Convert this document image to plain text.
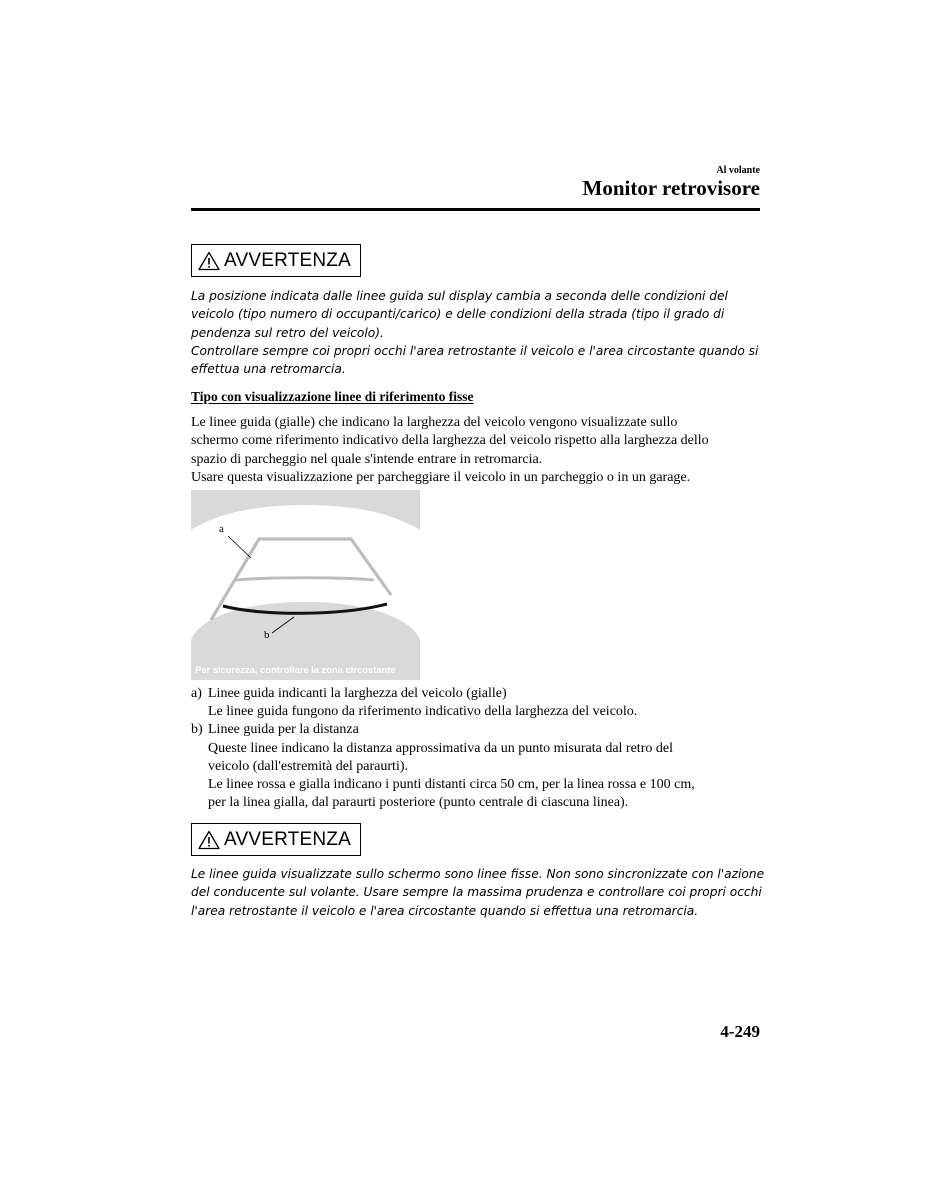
Al volante
Monitor retrovisore
AVVERTENZA
La posizione indicata dalle linee guida sul display cambia a seconda delle condizioni del
veicolo (tipo numero di occupanti/carico) e delle condizioni della strada (tipo il grado di
pendenza sul retro del veicolo).
Controllare sempre coi propri occhi l'area retrostante il veicolo e l'area circostante quando si
effettua una retromarcia.
Tipo con visualizzazione linee di riferimento fisse
Le linee guida (gialle) che indicano la larghezza del veicolo vengono visualizzate sullo
schermo come riferimento indicativo della larghezza del veicolo rispetto alla larghezza dello
spazio di parcheggio nel quale s'intende entrare in retromarcia.
Usare questa visualizzazione per parcheggiare il veicolo in un parcheggio o in un garage.
a
b
Per sicurezza, controllare la zona circostante
a) Linee guida indicanti la larghezza del veicolo (gialle)
Le linee guida fungono da riferimento indicativo della larghezza del veicolo.
b) Linee guida per la distanza
Queste linee indicano la distanza approssimativa da un punto misurata dal retro del
veicolo (dall'estremità del paraurti).
Le linee rossa e gialla indicano i punti distanti circa 50 cm, per la linea rossa e 100 cm,
per la linea gialla, dal paraurti posteriore (punto centrale di ciascuna linea).
AVVERTENZA
Le linee guida visualizzate sullo schermo sono linee fisse. Non sono sincronizzate con l'azione
del conducente sul volante. Usare sempre la massima prudenza e controllare coi propri occhi
l'area retrostante il veicolo e l'area circostante quando si effettua una retromarcia.
4-249
